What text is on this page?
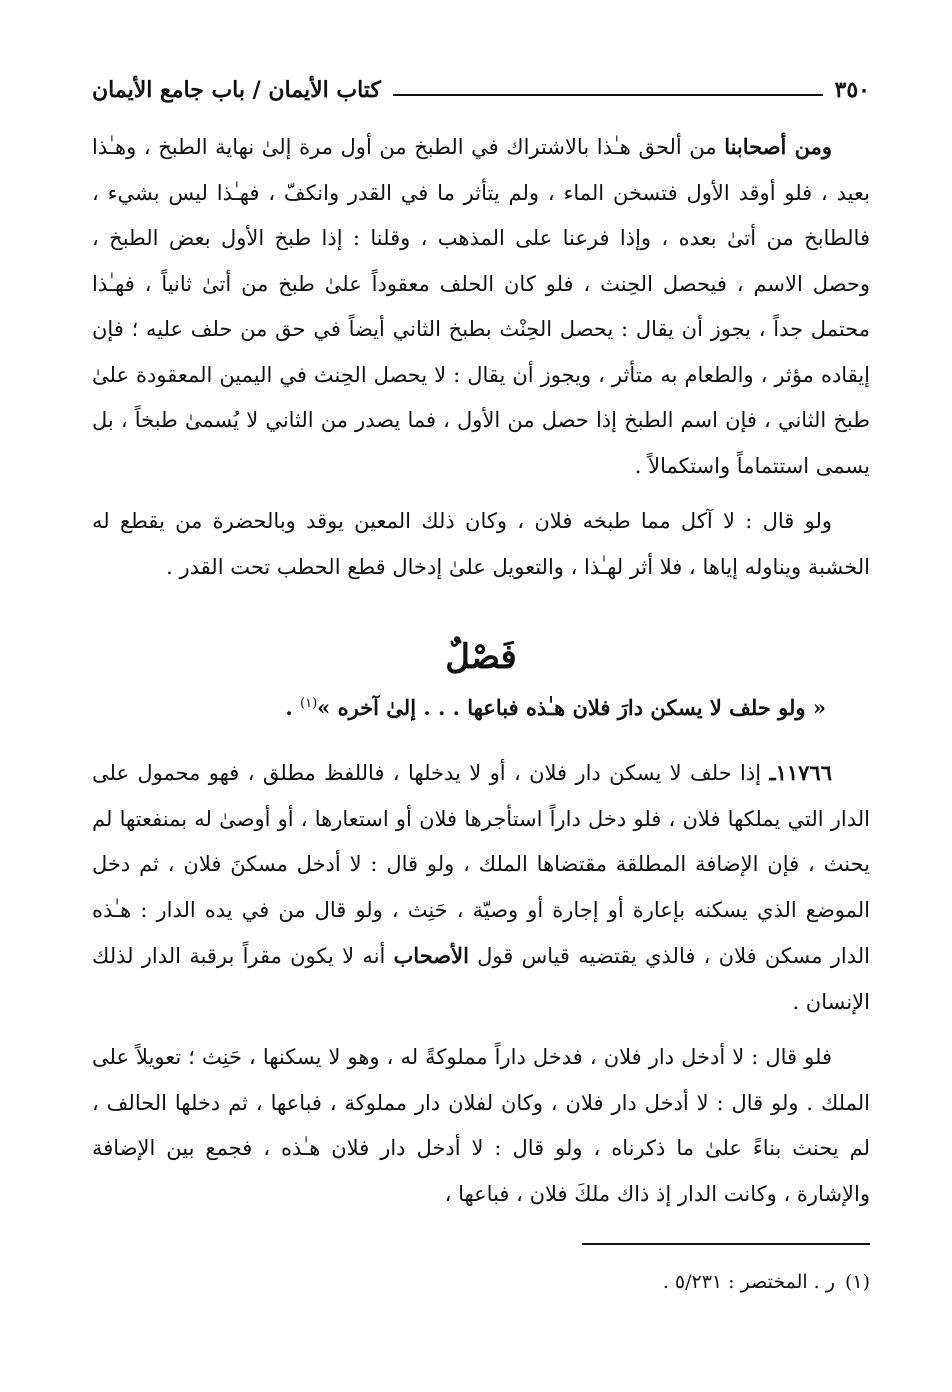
٣٥٠
كتاب الأيمان / باب جامع الأيمان

ومن أصحابنا من ألحق هـٰذا بالاشتراك في الطبخ من أول مرة إلىٰ نهاية الطبخ ، وهـٰذا بعيد ، فلو أوقد الأول فتسخن الماء ، ولم يتأثر ما في القدر وانكفّ ، فهـٰذا ليس بشيء ، فالطابخ من أتىٰ بعده ، وإذا فرعنا على المذهب ، وقلنا : إذا طبخ الأول بعض الطبخ ، وحصل الاسم ، فيحصل الحِنث ، فلو كان الحلف معقوداً علىٰ طبخ من أتىٰ ثانياً ، فهـٰذا محتمل جداً ، يجوز أن يقال : يحصل الحِنْث بطبخ الثاني أيضاً في حق من حلف عليه ؛ فإن إيقاده مؤثر ، والطعام به متأثر ، ويجوز أن يقال : لا يحصل الحِنث في اليمين المعقودة علىٰ طبخ الثاني ، فإن اسم الطبخ إذا حصل من الأول ، فما يصدر من الثاني لا يُسمىٰ طبخاً ، بل يسمى استتماماً واستكمالاً .

ولو قال : لا آكل مما طبخه فلان ، وكان ذلك المعين يوقد وبالحضرة من يقطع له الخشبة ويناوله إياها ، فلا أثر لهـٰذا ، والتعويل علىٰ إدخال قطع الحطب تحت القدر .

فَصْلٌ
« ولو حلف لا يسكن دارَ فلان هـٰذه فباعها . . . إلىٰ آخره »$^{(١)}$ .

١١٧٦٦ـ إذا حلف لا يسكن دار فلان ، أو لا يدخلها ، فاللفظ مطلق ، فهو محمول على الدار التي يملكها فلان ، فلو دخل داراً استأجرها فلان أو استعارها ، أو أوصىٰ له بمنفعتها لم يحنث ، فإن الإضافة المطلقة مقتضاها الملك ، ولو قال : لا أدخل مسكنَ فلان ، ثم دخل الموضع الذي يسكنه بإعارة أو إجارة أو وصيّة ، حَنِث ، ولو قال من في يده الدار : هـٰذه الدار مسكن فلان ، فالذي يقتضيه قياس قول الأصحاب أنه لا يكون مقراً برقبة الدار لذلك الإنسان .

فلو قال : لا أدخل دار فلان ، فدخل داراً مملوكةً له ، وهو لا يسكنها ، حَنِث ؛ تعويلاً على الملك . ولو قال : لا أدخل دار فلان ، وكان لفلان دار مملوكة ، فباعها ، ثم دخلها الحالف ، لم يحنث بناءً علىٰ ما ذكرناه ، ولو قال : لا أدخل دار فلان هـٰذه ، فجمع بين الإضافة والإشارة ، وكانت الدار إذ ذاك ملكَ فلان ، فباعها ،

(١)ر . المختصر : ٥/٢٣١ .
